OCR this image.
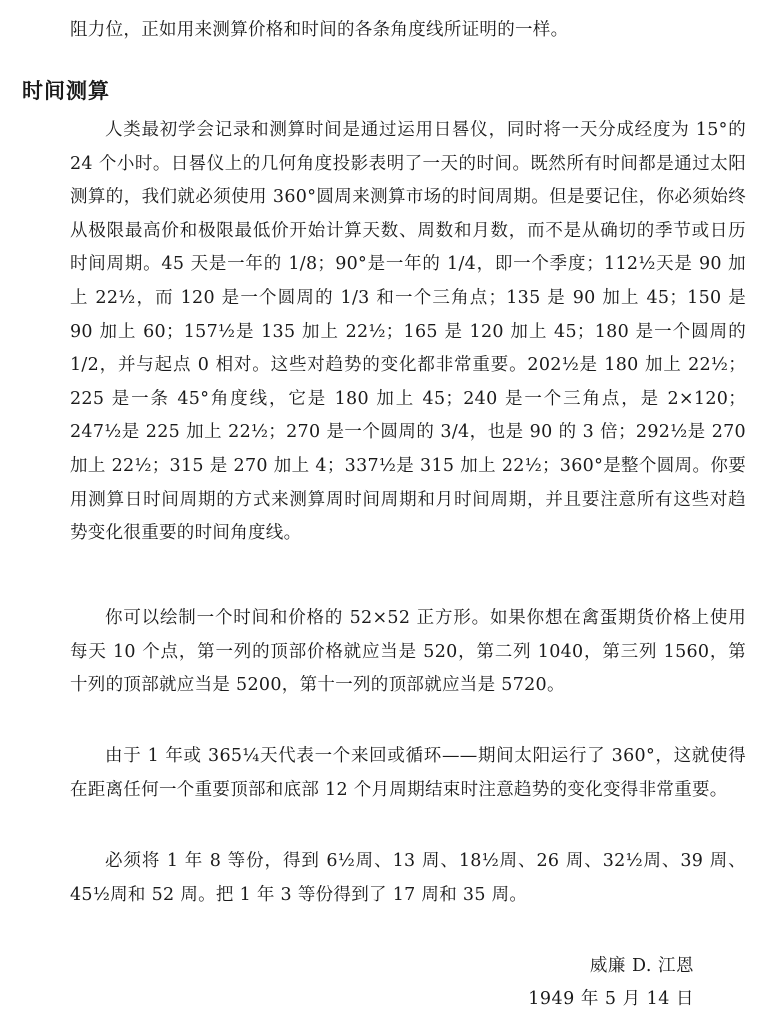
阻力位，正如用来测算价格和时间的各条角度线所证明的一样。
时间测算
人类最初学会记录和测算时间是通过运用日晷仪，同时将一天分成经度为 15°的 24 个小时。日晷仪上的几何角度投影表明了一天的时间。既然所有时间都是通过太阳测算的，我们就必须使用 360°圆周来测算市场的时间周期。但是要记住，你必须始终从极限最高价和极限最低价开始计算天数、周数和月数，而不是从确切的季节或日历时间周期。45 天是一年的 1/8；90°是一年的 1/4，即一个季度；112½天是 90 加上 22½，而 120 是一个圆周的 1/3 和一个三角点；135 是 90 加上 45；150 是 90 加上 60；157½是 135 加上 22½；165 是 120 加上 45；180 是一个圆周的 1/2，并与起点 0 相对。这些对趋势的变化都非常重要。202½是 180 加上 22½；225 是一条 45°角度线，它是 180 加上 45；240 是一个三角点，是 2×120；247½是 225 加上 22½；270 是一个圆周的 3/4，也是 90 的 3 倍；292½是 270 加上 22½；315 是 270 加上 4；337½是 315 加上 22½；360°是整个圆周。你要用测算日时间周期的方式来测算周时间周期和月时间周期，并且要注意所有这些对趋势变化很重要的时间角度线。
你可以绘制一个时间和价格的 52×52 正方形。如果你想在禽蛋期货价格上使用每天 10 个点，第一列的顶部价格就应当是 520，第二列 1040，第三列 1560，第十列的顶部就应当是 5200，第十一列的顶部就应当是 5720。
由于 1 年或 365¼天代表一个来回或循环——期间太阳运行了 360°，这就使得在距离任何一个重要顶部和底部 12 个月周期结束时注意趋势的变化变得非常重要。
必须将 1 年 8 等份，得到 6½周、13 周、18½周、26 周、32½周、39 周、45½周和 52 周。把 1 年 3 等份得到了 17 周和 35 周。
威廉 D. 江恩
1949 年 5 月 14 日
